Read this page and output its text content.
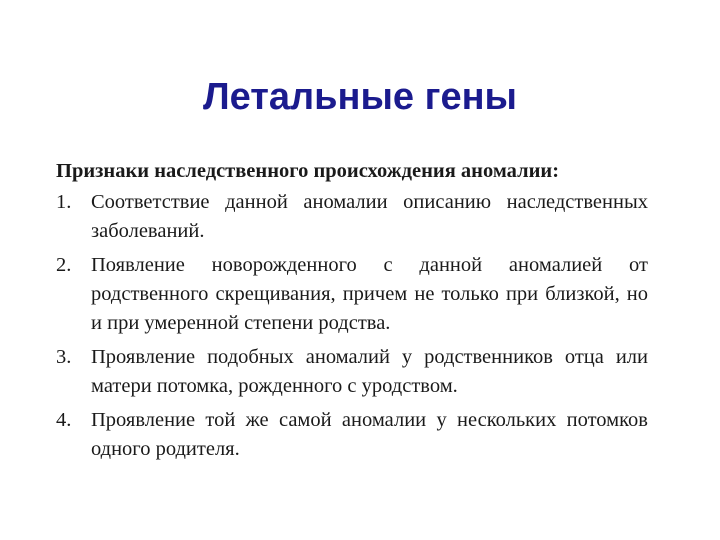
Летальные гены
Признаки наследственного происхождения аномалии:
1. Соответствие данной аномалии описанию наследственных заболеваний.
2. Появление новорожденного с данной аномалией от родственного скрещивания, причем не только при близкой, но и при умеренной степени родства.
3. Проявление подобных аномалий у родственников отца или матери потомка, рожденного с уродством.
4. Проявление той же самой аномалии у нескольких потомков одного родителя.
